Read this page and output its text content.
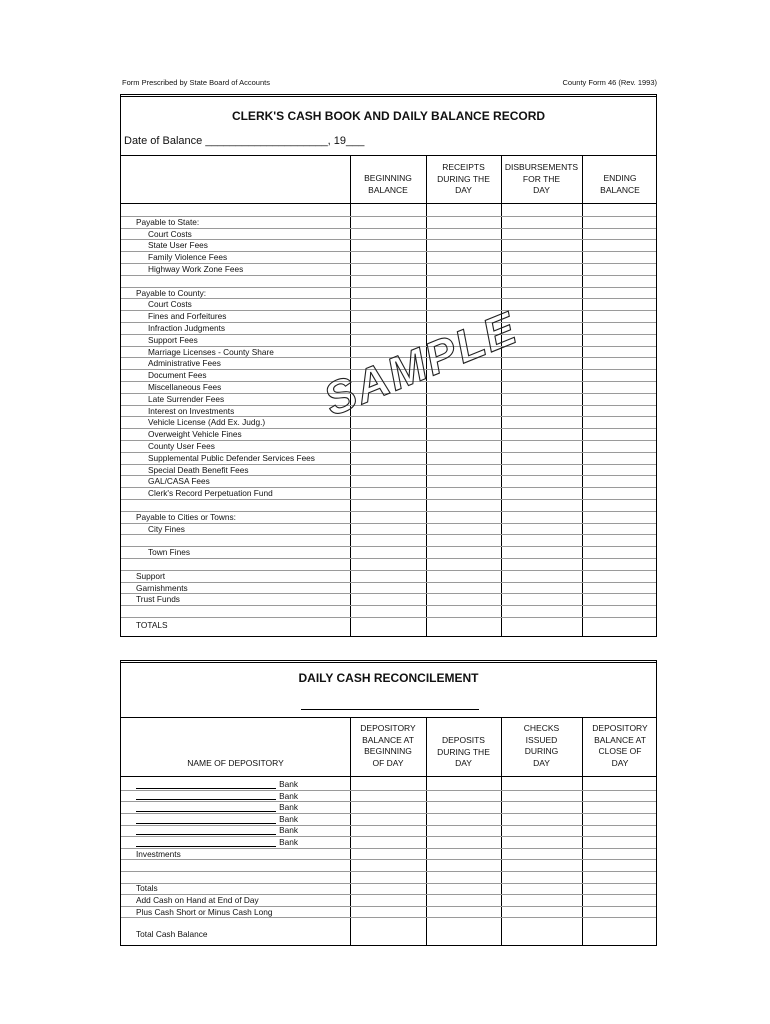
Form Prescribed by State Board of Accounts	County Form 46 (Rev. 1993)
CLERK'S CASH BOOK AND DAILY BALANCE RECORD
Date of Balance ____________________, 19___
BEGINNING
BALANCE
RECEIPTS
DURING THE
DAY
DISBURSEMENTS
FOR THE
DAY
ENDING
BALANCE
Payable to State:
Court Costs
State User Fees
Family Violence Fees
Highway Work Zone Fees
Payable to County:
Court Costs
Fines and Forfeitures
Infraction Judgments
Support Fees
Marriage Licenses - County Share
Administrative Fees
Document Fees
Miscellaneous Fees
Late Surrender Fees
Interest on Investments
Vehicle License (Add Ex. Judg.)
Overweight Vehicle Fines
County User Fees
Supplemental Public Defender Services Fees
Special Death Benefit Fees
GAL/CASA Fees
Clerk's Record Perpetuation Fund
Payable to Cities or Towns:
City Fines
Town Fines
Support
Garnishments
Trust Funds
TOTALS
SAMPLE
DAILY CASH RECONCILEMENT
NAME OF DEPOSITORY
DEPOSITORY
BALANCE AT
BEGINNING
OF DAY
DEPOSITS
DURING THE
DAY
CHECKS
ISSUED
DURING
DAY
DEPOSITORY
BALANCE AT
CLOSE OF
DAY
Bank
Bank
Bank
Bank
Bank
Bank
Investments
Totals
Add Cash on Hand at End of Day
Plus Cash Short or Minus Cash Long
Total Cash Balance
